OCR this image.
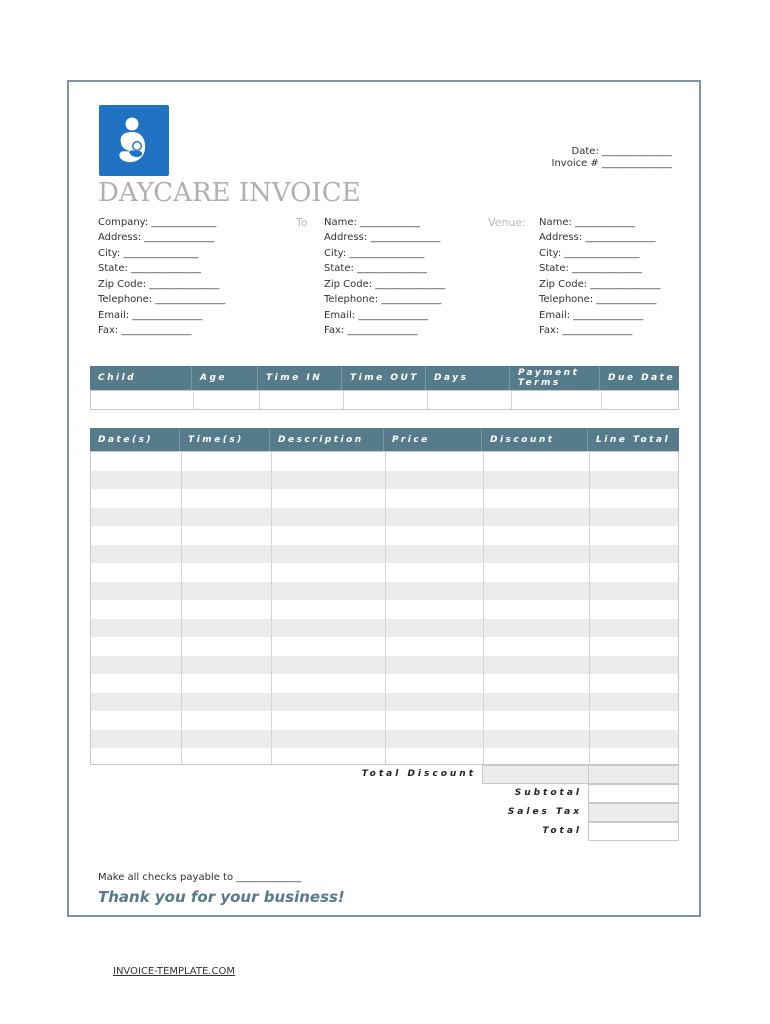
Date: ______________
Invoice # ______________
DAYCARE INVOICE
Company: _____________
Address: ______________
City: _______________
State: ______________
Zip Code: ______________
Telephone: ______________
Email: ______________
Fax: ______________
To Name: ____________
Address: ______________
City: _______________
State: ______________
Zip Code: ______________
Telephone: ____________
Email: ______________
Fax: ______________
Venue: Name: ____________
Address: ______________
City: _______________
State: ______________
Zip Code: ______________
Telephone: ____________
Email: ______________
Fax: ______________
Child	Age	Time IN	Time OUT	Days	Payment Terms	Due Date
Date(s)	Time(s)	Description	Price	Discount	Line Total
Total Discount
Subtotal
Sales Tax
Total
Make all checks payable to _____________
Thank you for your business!
INVOICE-TEMPLATE.COM
